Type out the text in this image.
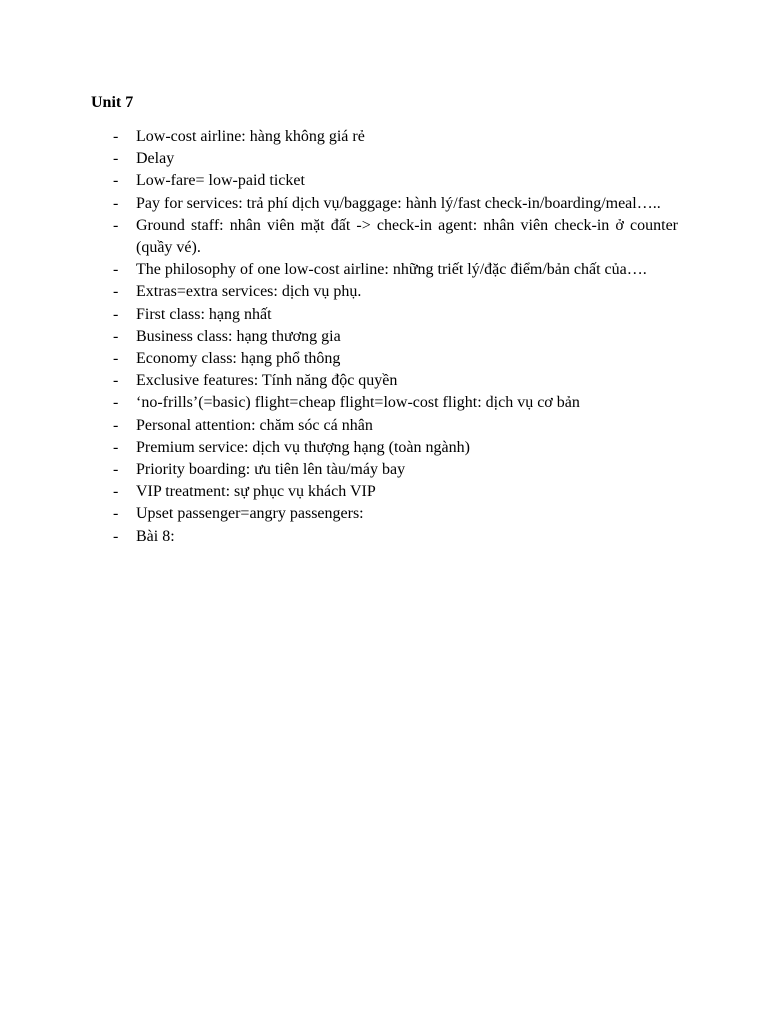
Unit 7
- Low-cost airline: hàng không giá rẻ
- Delay
- Low-fare= low-paid ticket
- Pay for services: trả phí dịch vụ/baggage: hành lý/fast check-in/boarding/meal…..
- Ground staff: nhân viên mặt đất -> check-in agent: nhân viên check-in ở counter (quầy vé).
- The philosophy of one low-cost airline: những triết lý/đặc điểm/bản chất của….
- Extras=extra services: dịch vụ phụ.
- First class: hạng nhất
- Business class: hạng thương gia
- Economy class: hạng phổ thông
- Exclusive features: Tính năng độc quyền
- ‘no-frills’(=basic) flight=cheap flight=low-cost flight: dịch vụ cơ bản
- Personal attention: chăm sóc cá nhân
- Premium service: dịch vụ thượng hạng (toàn ngành)
- Priority boarding: ưu tiên lên tàu/máy bay
- VIP treatment: sự phục vụ khách VIP
- Upset passenger=angry passengers:
- Bài 8:
